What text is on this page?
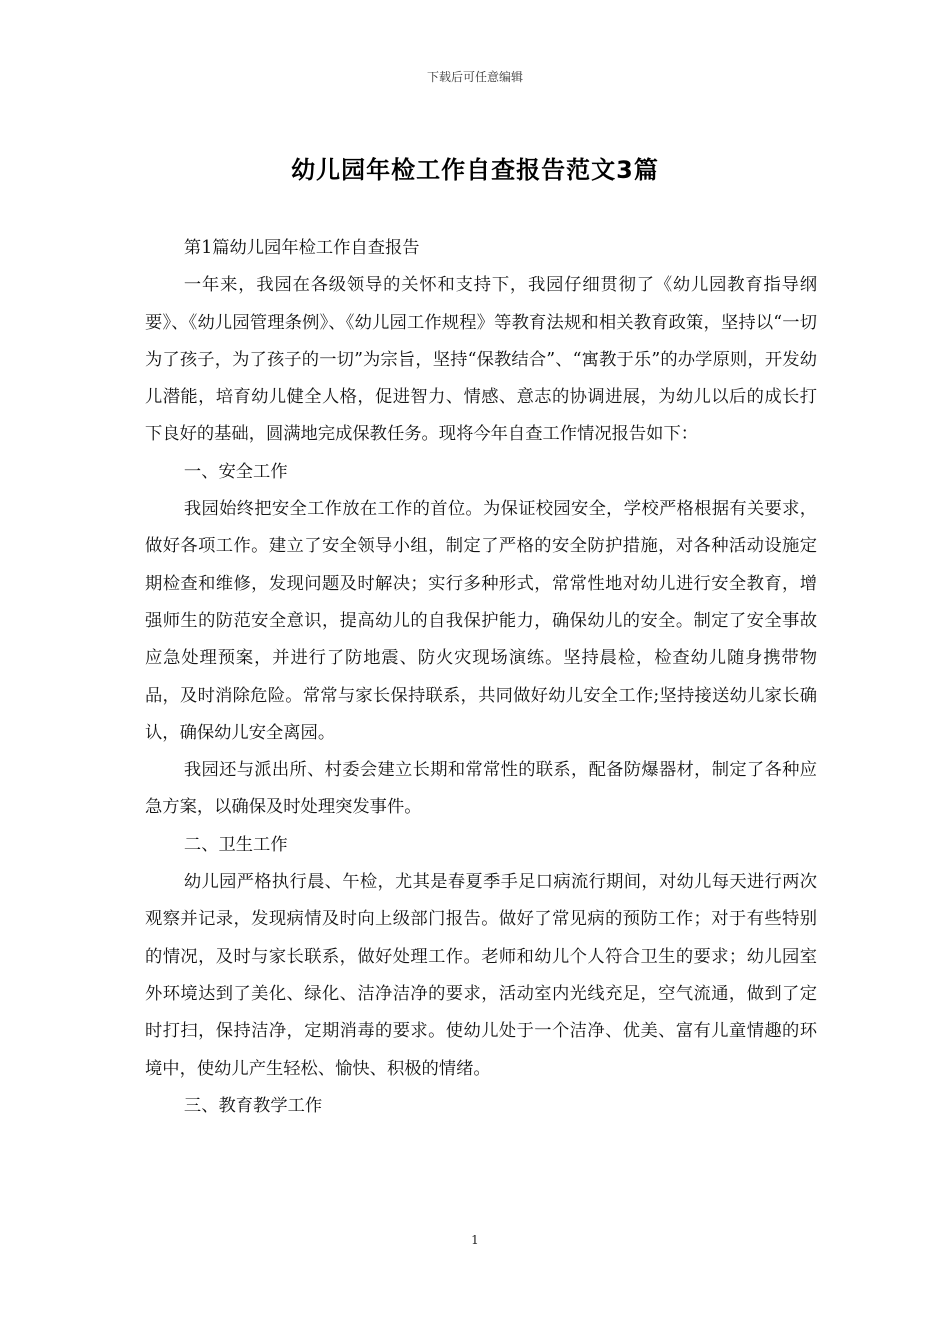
下载后可任意编辑
幼儿园年检工作自查报告范文3篇

第1篇幼儿园年检工作自查报告

一年来，我园在各级领导的关怀和支持下，我园仔细贯彻了《幼儿园教育指导纲要》、《幼儿园管理条例》、《幼儿园工作规程》等教育法规和相关教育政策，坚持以“一切为了孩子，为了孩子的一切”为宗旨，坚持“保教结合”、“寓教于乐”的办学原则，开发幼儿潜能，培育幼儿健全人格，促进智力、情感、意志的协调进展，为幼儿以后的成长打下良好的基础，圆满地完成保教任务。现将今年自查工作情况报告如下：

一、安全工作

我园始终把安全工作放在工作的首位。为保证校园安全，学校严格根据有关要求，做好各项工作。建立了安全领导小组，制定了严格的安全防护措施，对各种活动设施定期检查和维修，发现问题及时解决；实行多种形式，常常性地对幼儿进行安全教育，增强师生的防范安全意识，提高幼儿的自我保护能力，确保幼儿的安全。制定了安全事故应急处理预案，并进行了防地震、防火灾现场演练。坚持晨检，检查幼儿随身携带物品，及时消除危险。常常与家长保持联系，共同做好幼儿安全工作;坚持接送幼儿家长确认，确保幼儿安全离园。

我园还与派出所、村委会建立长期和常常性的联系，配备防爆器材，制定了各种应急方案，以确保及时处理突发事件。

二、卫生工作

幼儿园严格执行晨、午检，尤其是春夏季手足口病流行期间，对幼儿每天进行两次观察并记录，发现病情及时向上级部门报告。做好了常见病的预防工作；对于有些特别的情况，及时与家长联系，做好处理工作。老师和幼儿个人符合卫生的要求；幼儿园室外环境达到了美化、绿化、洁净洁净的要求，活动室内光线充足，空气流通，做到了定时打扫，保持洁净，定期消毒的要求。使幼儿处于一个洁净、优美、富有儿童情趣的环境中，使幼儿产生轻松、愉快、积极的情绪。

三、教育教学工作

1
